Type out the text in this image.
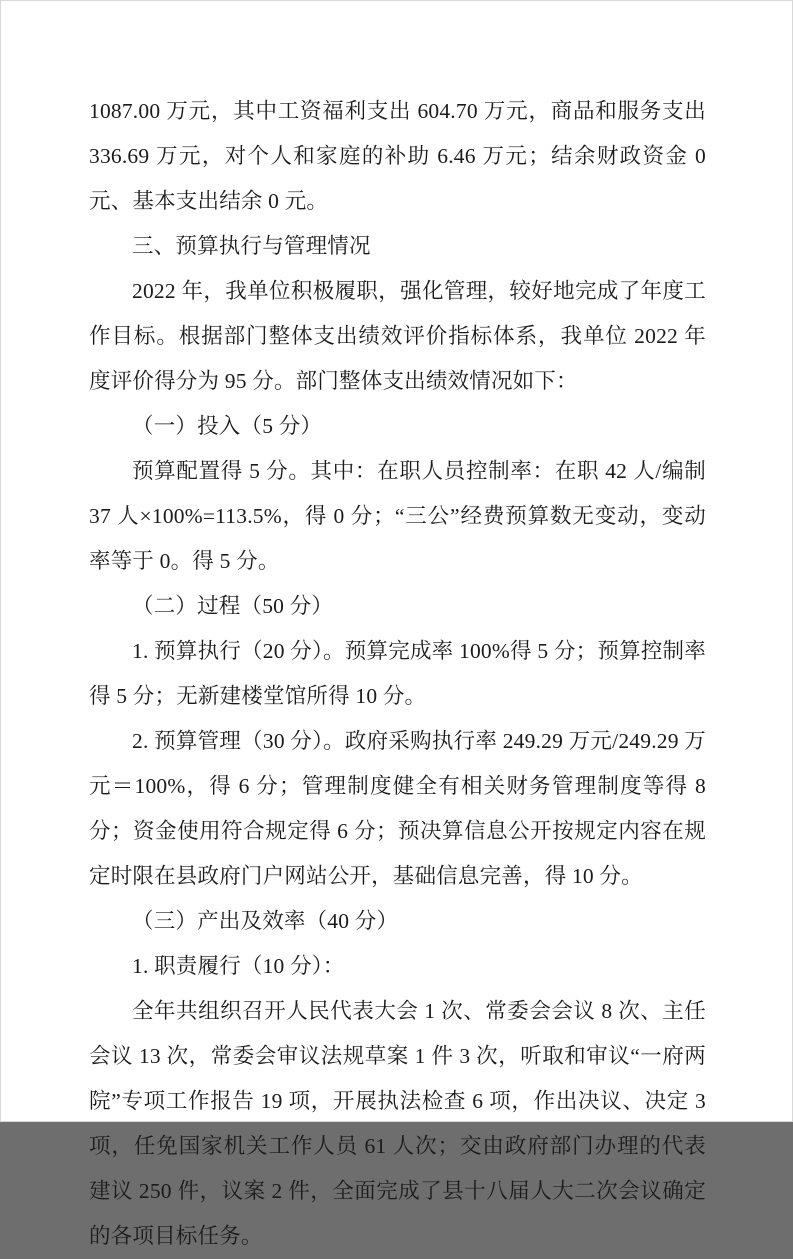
1087.00 万元，其中工资福利支出 604.70 万元，商品和服务支出 336.69 万元，对个人和家庭的补助 6.46 万元；结余财政资金 0 元、基本支出结余 0 元。

三、预算执行与管理情况

2022 年，我单位积极履职，强化管理，较好地完成了年度工作目标。根据部门整体支出绩效评价指标体系，我单位 2022 年度评价得分为 95 分。部门整体支出绩效情况如下：

（一）投入（5 分）

预算配置得 5 分。其中：在职人员控制率：在职 42 人/编制 37 人×100%=113.5%，得 0 分；“三公”经费预算数无变动，变动率等于 0。得 5 分。

（二）过程（50 分）

1. 预算执行（20 分）。预算完成率 100%得 5 分；预算控制率得 5 分；无新建楼堂馆所得 10 分。

2. 预算管理（30 分）。政府采购执行率 249.29 万元/249.29 万元＝100%，得 6 分；管理制度健全有相关财务管理制度等得 8 分；资金使用符合规定得 6 分；预决算信息公开按规定内容在规定时限在县政府门户网站公开，基础信息完善，得 10 分。

（三）产出及效率（40 分）

1. 职责履行（10 分）：

全年共组织召开人民代表大会 1 次、常委会会议 8 次、主任会议 13 次，常委会审议法规草案 1 件 3 次，听取和审议“一府两院”专项工作报告 19 项，开展执法检查 6 项，作出决议、决定 3 项，任免国家机关工作人员 61 人次；交由政府部门办理的代表建议 250 件，议案 2 件，全面完成了县十八届人大二次会议确定的各项目标任务。
